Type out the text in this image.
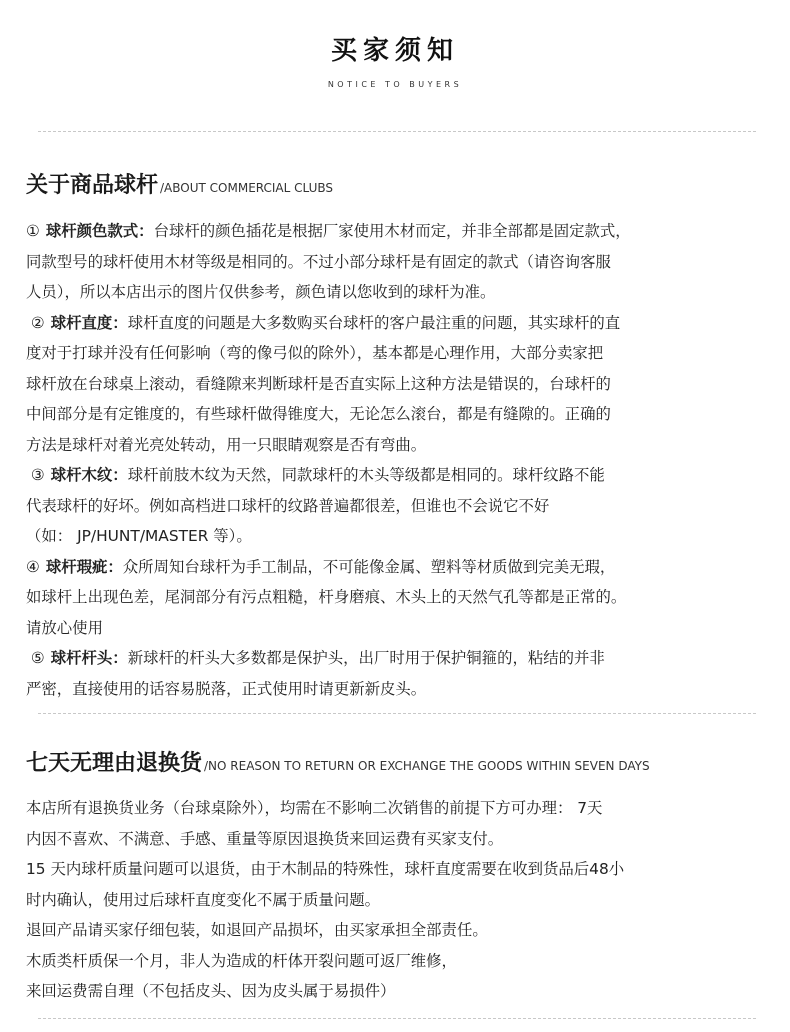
买家须知
NOTICE TO BUYERS
关于商品球杆 /ABOUT COMMERCIAL CLUBS

① 球杆颜色款式：台球杆的颜色插花是根据厂家使用木材而定，并非全部都是固定款式，

同款型号的球杆使用木材等级是相同的。不过小部分球杆是有固定的款式（请咨询客服

人员），所以本店出示的图片仅供参考，颜色请以您收到的球杆为准。

② 球杆直度：球杆直度的问题是大多数购买台球杆的客户最注重的问题，其实球杆的直

度对于打球并没有任何影响（弯的像弓似的除外），基本都是心理作用，大部分卖家把

球杆放在台球桌上滚动，看缝隙来判断球杆是否直实际上这种方法是错误的，台球杆的

中间部分是有定锥度的，有些球杆做得锥度大，无论怎么滚台，都是有缝隙的。正确的

方法是球杆对着光亮处转动，用一只眼睛观察是否有弯曲。

③ 球杆木纹：球杆前肢木纹为天然，同款球杆的木头等级都是相同的。球杆纹路不能

代表球杆的好坏。例如高档进口球杆的纹路普遍都很差，但谁也不会说它不好

（如： JP/HUNT/MASTER 等）。

④ 球杆瑕疵：众所周知台球杆为手工制品，不可能像金属、塑料等材质做到完美无瑕，

如球杆上出现色差，尾洞部分有污点粗糙，杆身磨痕、木头上的天然气孔等都是正常的。

请放心使用

⑤ 球杆杆头：新球杆的杆头大多数都是保护头，出厂时用于保护铜箍的，粘结的并非

严密，直接使用的话容易脱落，正式使用时请更新新皮头。

七天无理由退换货 /NO REASON TO RETURN OR EXCHANGE THE GOODS WITHIN SEVEN DAYS

本店所有退换货业务（台球桌除外），均需在不影响二次销售的前提下方可办理： 7天

内因不喜欢、不满意、手感、重量等原因退换货来回运费有买家支付。

15 天内球杆质量问题可以退货，由于木制品的特殊性，球杆直度需要在收到货品后48小

时内确认，使用过后球杆直度变化不属于质量问题。

退回产品请买家仔细包装，如退回产品损坏，由买家承担全部责任。

木质类杆质保一个月，非人为造成的杆体开裂问题可返厂维修，

来回运费需自理（不包括皮头、因为皮头属于易损件）
